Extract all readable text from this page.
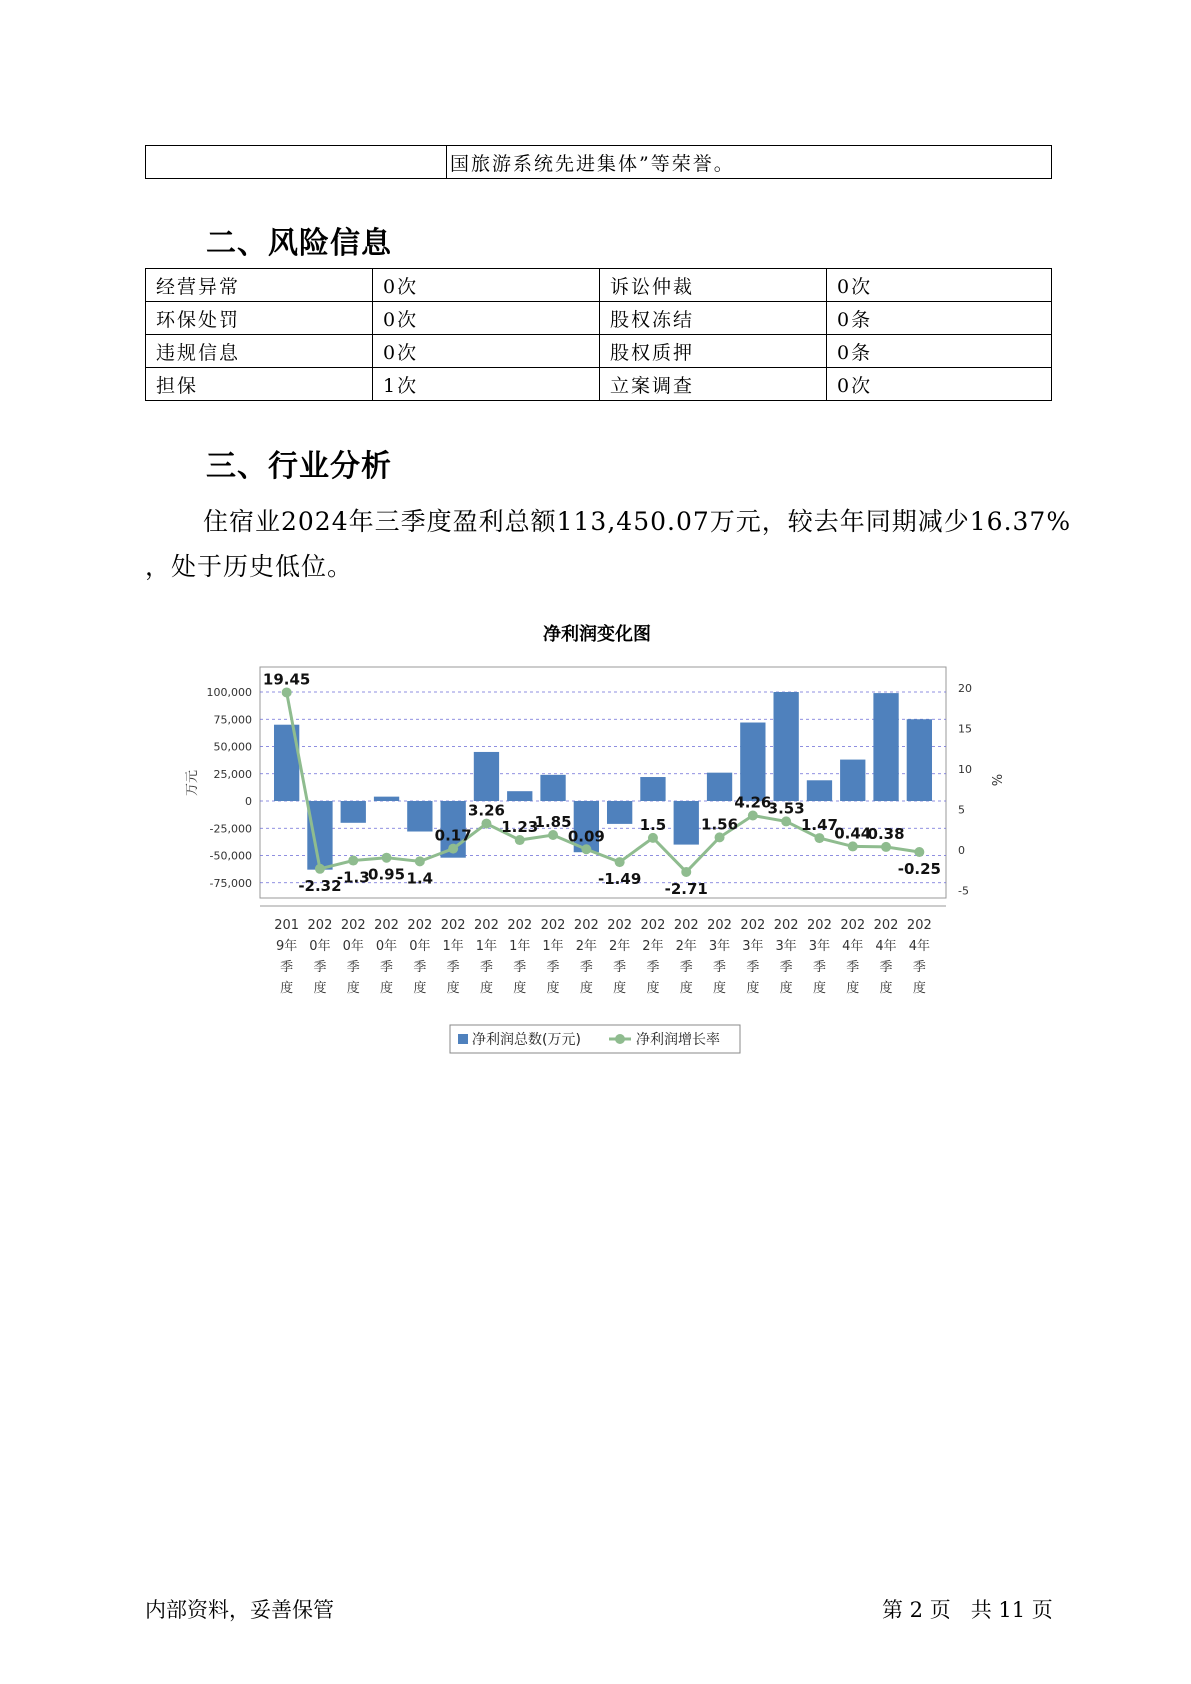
	国旅游系统先进集体”等荣誉。
二、风险信息
经营异常	0次	诉讼仲裁	0次
环保处罚	0次	股权冻结	0条
违规信息	0次	股权质押	0条
担保	1次	立案调查	0次
三、行业分析
住宿业2024年三季度盈利总额113,450.07万元，较去年同期减少16.37%
，处于历史低位。
净利润变化图
100,000
75,000
50,000
25,000
0
-25,000
-50,000
-75,000
20
15
10
5
0
-5
万元	%
19.45
-2.32
-1.3
0.95 1.4
0.17
3.26
1.23
1.85
0.09
-1.49
1.5
-2.71
1.56
4.26
3.53
1.47
0.44
0.38
-0.25
201
9年
季
度
202
0年
季
度
202
0年
季
度
202
0年
季
度
202
0年
季
度
202
1年
季
度
202
1年
季
度
202
1年
季
度
202
1年
季
度
202
2年
季
度
202
2年
季
度
202
2年
季
度
202
2年
季
度
202
3年
季
度
202
3年
季
度
202
3年
季
度
202
3年
季
度
202
4年
季
度
202
4年
季
度
202
4年
季
度
净利润总数(万元)	净利润增长率
内部资料，妥善保管	第 2 页   共 11 页
